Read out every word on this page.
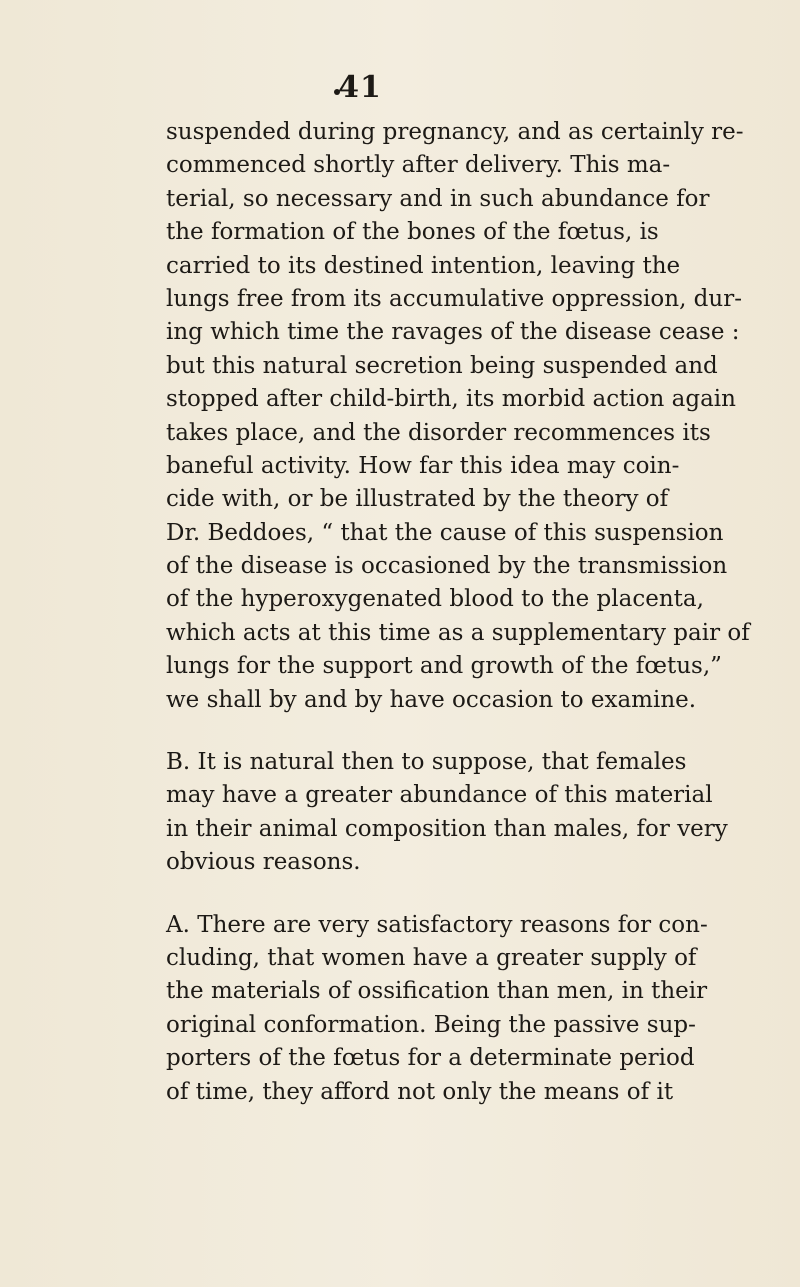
41
suspended during pregnancy, and as certainly re-
commenced shortly after delivery. This ma-
terial, so necessary and in such abundance for
the formation of the bones of the fœtus, is
carried to its destined intention, leaving the
lungs free from its accumulative oppression, dur-
ing which time the ravages of the disease cease :
but this natural secretion being suspended and
stopped after child-birth, its morbid action again
takes place, and the disorder recommences its
baneful activity. How far this idea may coin-
cide with, or be illustrated by the theory of
Dr. Beddoes, “ that the cause of this suspension
of the disease is occasioned by the transmission
of the hyperoxygenated blood to the placenta,
which acts at this time as a supplementary pair of
lungs for the support and growth of the fœtus,”
we shall by and by have occasion to examine.
B. It is natural then to suppose, that females
may have a greater abundance of this material
in their animal composition than males, for very
obvious reasons.
A. There are very satisfactory reasons for con-
cluding, that women have a greater supply of
the materials of ossification than men, in their
original conformation. Being the passive sup-
porters of the fœtus for a determinate period
of time, they afford not only the means of it
